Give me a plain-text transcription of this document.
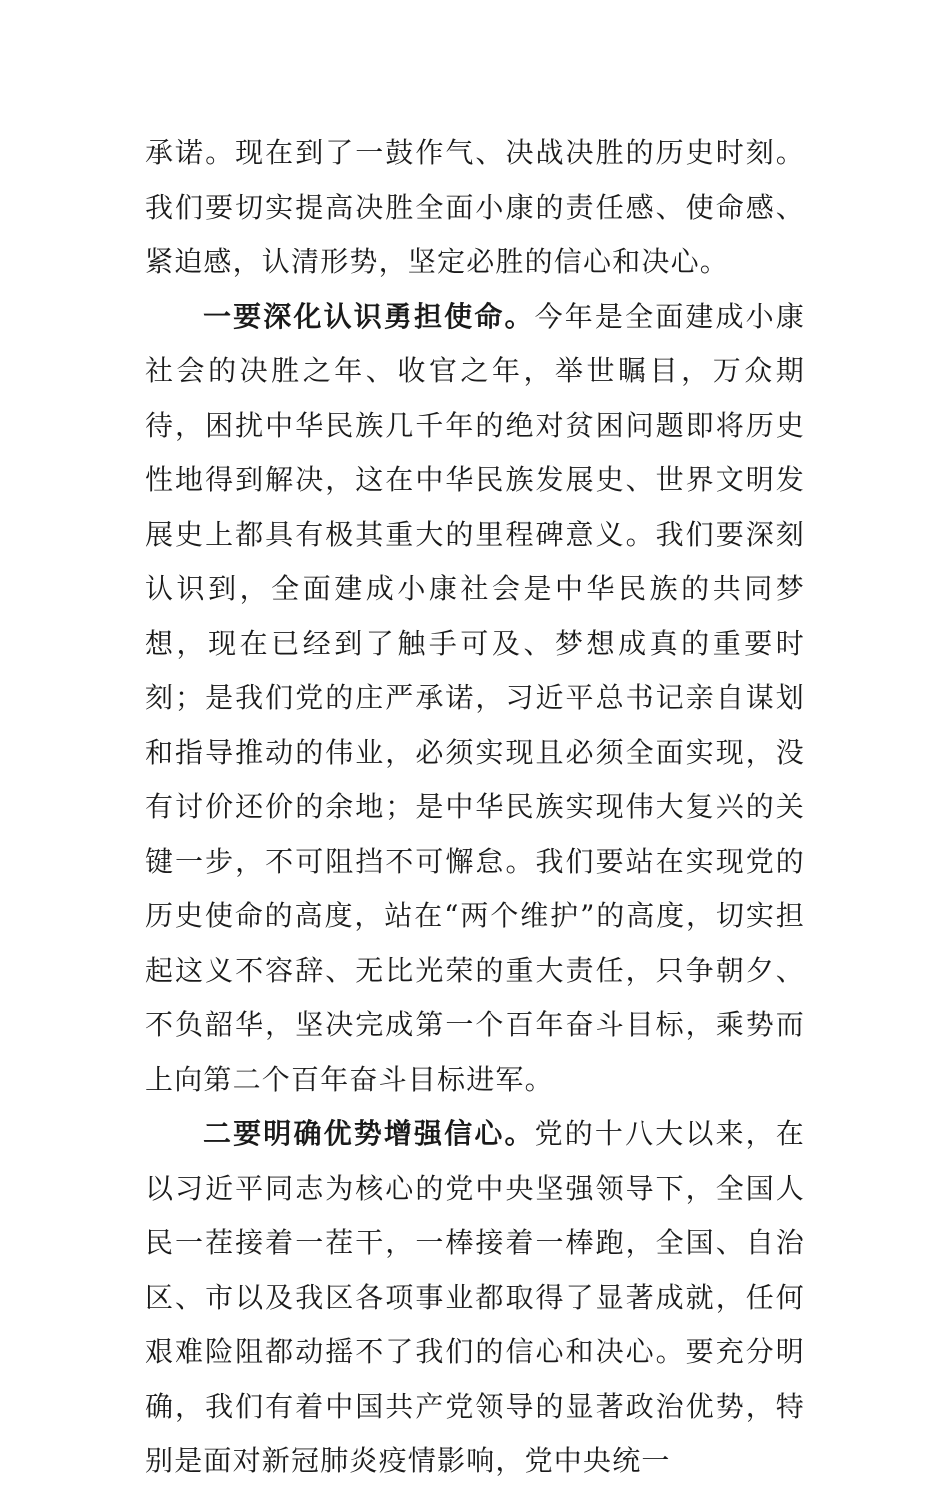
承诺。现在到了一鼓作气、决战决胜的历史时刻。我们要切实提高决胜全面小康的责任感、使命感、紧迫感，认清形势，坚定必胜的信心和决心。

一要深化认识勇担使命。今年是全面建成小康社会的决胜之年、收官之年，举世瞩目，万众期待，困扰中华民族几千年的绝对贫困问题即将历史性地得到解决，这在中华民族发展史、世界文明发展史上都具有极其重大的里程碑意义。我们要深刻认识到，全面建成小康社会是中华民族的共同梦想，现在已经到了触手可及、梦想成真的重要时刻；是我们党的庄严承诺，习近平总书记亲自谋划和指导推动的伟业，必须实现且必须全面实现，没有讨价还价的余地；是中华民族实现伟大复兴的关键一步，不可阻挡不可懈怠。我们要站在实现党的历史使命的高度，站在“两个维护”的高度，切实担起这义不容辞、无比光荣的重大责任，只争朝夕、不负韶华，坚决完成第一个百年奋斗目标，乘势而上向第二个百年奋斗目标进军。

二要明确优势增强信心。党的十八大以来，在以习近平同志为核心的党中央坚强领导下，全国人民一茬接着一茬干，一棒接着一棒跑，全国、自治区、市以及我区各项事业都取得了显著成就，任何艰难险阻都动摇不了我们的信心和决心。要充分明确，我们有着中国共产党领导的显著政治优势，特别是面对新冠肺炎疫情影响，党中央统一
